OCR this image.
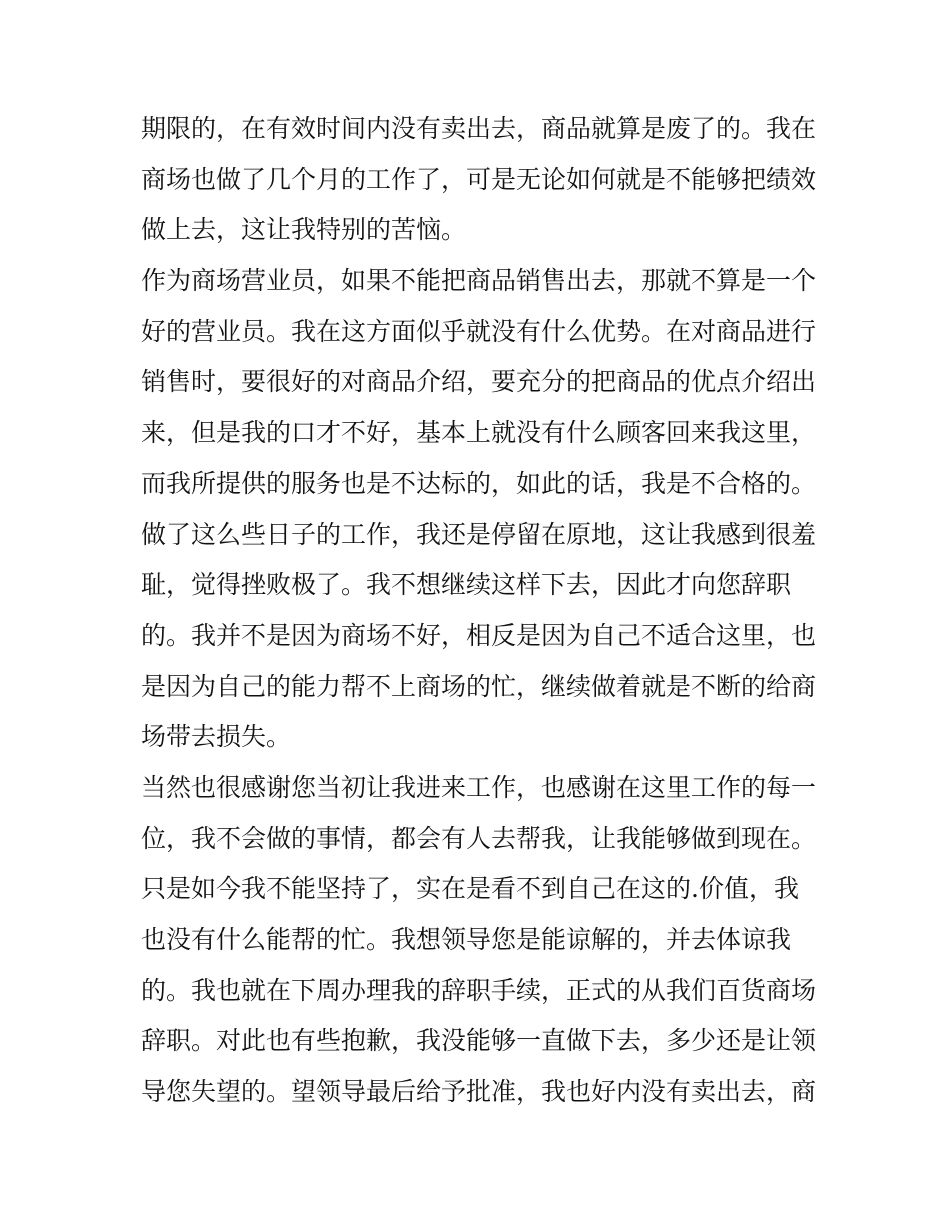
期限的，在有效时间内没有卖出去，商品就算是废了的。我在
商场也做了几个月的工作了，可是无论如何就是不能够把绩效
做上去，这让我特别的苦恼。
作为商场营业员，如果不能把商品销售出去，那就不算是一个
好的营业员。我在这方面似乎就没有什么优势。在对商品进行
销售时，要很好的对商品介绍，要充分的把商品的优点介绍出
来，但是我的口才不好，基本上就没有什么顾客回来我这里，
而我所提供的服务也是不达标的，如此的话，我是不合格的。
做了这么些日子的工作，我还是停留在原地，这让我感到很羞
耻，觉得挫败极了。我不想继续这样下去，因此才向您辞职
的。我并不是因为商场不好，相反是因为自己不适合这里，也
是因为自己的能力帮不上商场的忙，继续做着就是不断的给商
场带去损失。
当然也很感谢您当初让我进来工作，也感谢在这里工作的每一
位，我不会做的事情，都会有人去帮我，让我能够做到现在。
只是如今我不能坚持了，实在是看不到自己在这的.价值，我
也没有什么能帮的忙。我想领导您是能谅解的，并去体谅我
的。我也就在下周办理我的辞职手续，正式的从我们百货商场
辞职。对此也有些抱歉，我没能够一直做下去，多少还是让领
导您失望的。望领导最后给予批准，我也好内没有卖出去，商
